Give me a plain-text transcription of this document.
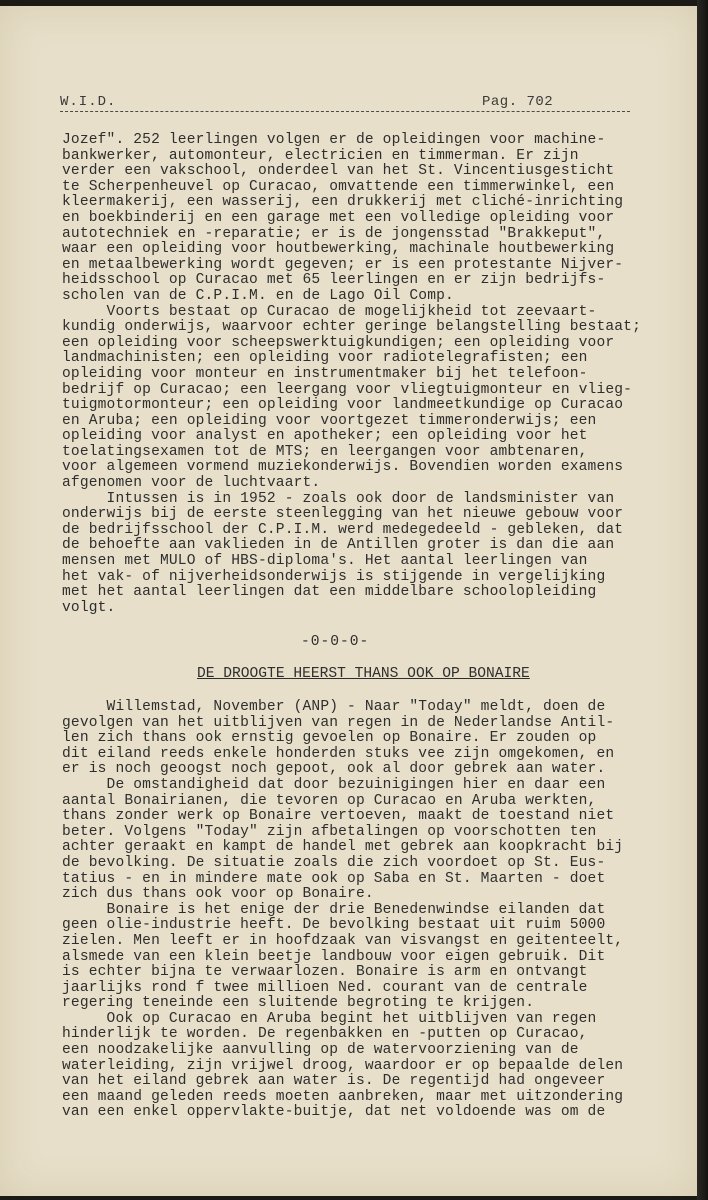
W.I.D.	Pag. 702
Jozef". 252 leerlingen volgen er de opleidingen voor machine-
bankwerker, automonteur, electricien en timmerman. Er zijn
verder een vakschool, onderdeel van het St. Vincentiusgesticht
te Scherpenheuvel op Curacao, omvattende een timmerwinkel, een
kleermakerij, een wasserij, een drukkerij met cliché-inrichting
en boekbinderij en een garage met een volledige opleiding voor
autotechniek en -reparatie; er is de jongensstad "Brakkeput",
waar een opleiding voor houtbewerking, machinale houtbewerking
en metaalbewerking wordt gegeven; er is een protestante Nijver-
heidsschool op Curacao met 65 leerlingen en er zijn bedrijfs-
scholen van de C.P.I.M. en de Lago Oil Comp.
Voorts bestaat op Curacao de mogelijkheid tot zeevaart-
kundig onderwijs, waarvoor echter geringe belangstelling bestaat;
een opleiding voor scheepswerktuigkundigen; een opleiding voor
landmachinisten; een opleiding voor radiotelegrafisten; een
opleiding voor monteur en instrumentmaker bij het telefoon-
bedrijf op Curacao; een leergang voor vliegtuigmonteur en vlieg-
tuigmotormonteur; een opleiding voor landmeetkundige op Curacao
en Aruba; een opleiding voor voortgezet timmeronderwijs; een
opleiding voor analyst en apotheker; een opleiding voor het
toelatingsexamen tot de MTS; en leergangen voor ambtenaren,
voor algemeen vormend muziekonderwijs. Bovendien worden examens
afgenomen voor de luchtvaart.
Intussen is in 1952 - zoals ook door de landsminister van
onderwijs bij de eerste steenlegging van het nieuwe gebouw voor
de bedrijfsschool der C.P.I.M. werd medegedeeld - gebleken, dat
de behoefte aan vaklieden in de Antillen groter is dan die aan
mensen met MULO of HBS-diploma's. Het aantal leerlingen van
het vak- of nijverheidsonderwijs is stijgende in vergelijking
met het aantal leerlingen dat een middelbare schoolopleiding
volgt.
-0-0-0-
DE DROOGTE HEERST THANS OOK OP BONAIRE
Willemstad, November (ANP) - Naar "Today" meldt, doen de
gevolgen van het uitblijven van regen in de Nederlandse Antil-
len zich thans ook ernstig gevoelen op Bonaire. Er zouden op
dit eiland reeds enkele honderden stuks vee zijn omgekomen, en
er is noch geoogst noch gepoot, ook al door gebrek aan water.
De omstandigheid dat door bezuinigingen hier en daar een
aantal Bonairianen, die tevoren op Curacao en Aruba werkten,
thans zonder werk op Bonaire vertoeven, maakt de toestand niet
beter. Volgens "Today" zijn afbetalingen op voorschotten ten
achter geraakt en kampt de handel met gebrek aan koopkracht bij
de bevolking. De situatie zoals die zich voordoet op St. Eus-
tatius - en in mindere mate ook op Saba en St. Maarten - doet
zich dus thans ook voor op Bonaire.
Bonaire is het enige der drie Benedenwindse eilanden dat
geen olie-industrie heeft. De bevolking bestaat uit ruim 5000
zielen. Men leeft er in hoofdzaak van visvangst en geitenteelt,
alsmede van een klein beetje landbouw voor eigen gebruik. Dit
is echter bijna te verwaarlozen. Bonaire is arm en ontvangt
jaarlijks rond f twee millioen Ned. courant van de centrale
regering teneinde een sluitende begroting te krijgen.
Ook op Curacao en Aruba begint het uitblijven van regen
hinderlijk te worden. De regenbakken en -putten op Curacao,
een noodzakelijke aanvulling op de watervoorziening van de
waterleiding, zijn vrijwel droog, waardoor er op bepaalde delen
van het eiland gebrek aan water is. De regentijd had ongeveer
een maand geleden reeds moeten aanbreken, maar met uitzondering
van een enkel oppervlakte-buitje, dat net voldoende was om de
